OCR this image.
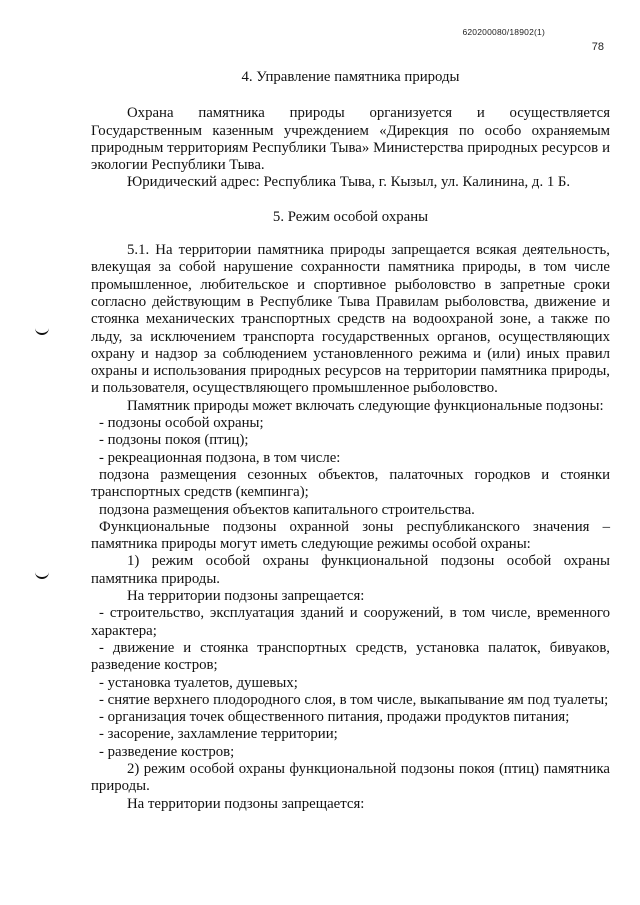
620200080/18902(1)
78
4. Управление памятника природы

Охрана памятника природы организуется и осуществляется Государственным казенным учреждением «Дирекция по особо охраняемым природным территориям Республики Тыва» Министерства природных ресурсов и экологии Республики Тыва.

Юридический адрес: Республика Тыва, г. Кызыл, ул. Калинина, д. 1 Б.

5. Режим особой охраны

5.1. На территории памятника природы запрещается всякая деятельность, влекущая за собой нарушение сохранности памятника природы, в том числе промышленное, любительское и спортивное рыболовство в запретные сроки согласно действующим в Республике Тыва Правилам рыболовства, движение и стоянка механических транспортных средств на водоохраной зоне, а также по льду, за исключением транспорта государственных органов, осуществляющих охрану и надзор за соблюдением установленного режима и (или) иных правил охраны и использования природных ресурсов на территории памятника природы, и пользователя, осуществляющего промышленное рыболовство.

Памятник природы может включать следующие функциональные подзоны:

- подзоны особой охраны;

- подзоны покоя (птиц);

- рекреационная подзона, в том числе:

подзона размещения сезонных объектов, палаточных городков и стоянки транспортных средств (кемпинга);

подзона размещения объектов капитального строительства.

Функциональные подзоны охранной зоны республиканского значения – памятника природы могут иметь следующие режимы особой охраны:

1) режим особой охраны функциональной подзоны особой охраны памятника природы.

На территории подзоны запрещается:

- строительство, эксплуатация зданий и сооружений, в том числе, временного характера;

- движение и стоянка транспортных средств, установка палаток, бивуаков, разведение костров;

- установка туалетов, душевых;

- снятие верхнего плодородного слоя, в том числе, выкапывание ям под туалеты;

- организация точек общественного питания, продажи продуктов питания;

- засорение, захламление территории;

- разведение костров;

2) режим особой охраны функциональной подзоны покоя (птиц) памятника природы.

На территории подзоны запрещается:
